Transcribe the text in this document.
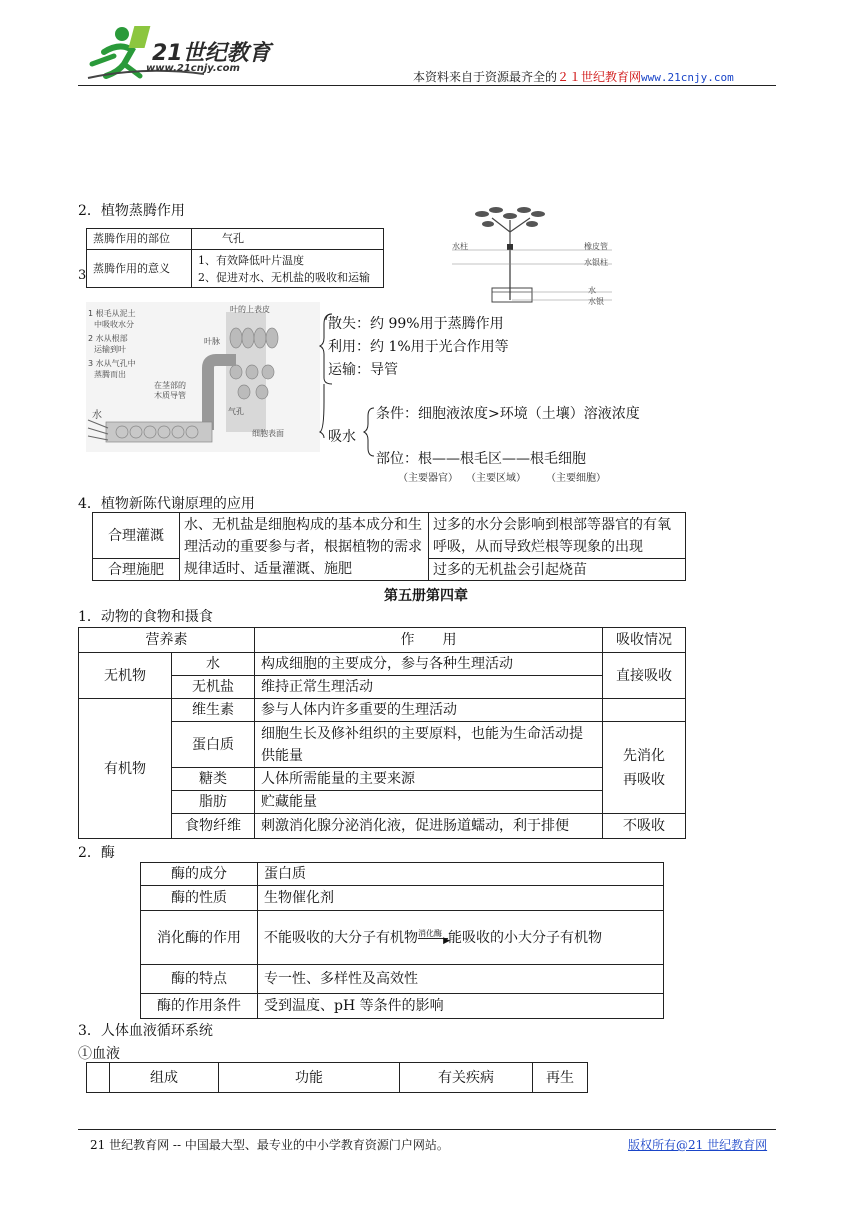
21世纪教育
www.21cnjy.com
本资料来自于资源最齐全的２１世纪教育网www.21cnjy.com
2．植物蒸腾作用
蒸腾作用的部位	气孔
蒸腾作用的意义	1、有效降低叶片温度
2、促进对水、无机盐的吸收和运输
3
1 根毛从泥土
中吸收水分
2 水从根部
运输到叶
3 水从气孔中
蒸腾而出
叶的上表皮
叶脉
在茎部的
木质导管
水	气孔
细胞表面
水柱	橡皮管
水银柱
水
水银
散失：约 99%用于蒸腾作用
利用：约 1%用于光合作用等
运输：导管
吸水
条件：细胞液浓度>环境（土壤）溶液浓度
部位：根——根毛区——根毛细胞
（主要器官） （主要区域） （主要细胞）
4．植物新陈代谢原理的应用
合理灌溉	水、无机盐是细胞构成的基本成分和生理活动的重要参与者，根据植物的需求规律适时、适量灌溉、施肥	过多的水分会影响到根部等器官的有氧呼吸，从而导致烂根等现象的出现
合理施肥		过多的无机盐会引起烧苗
第五册第四章
1．动物的食物和摄食
营养素		作　　用	吸收情况
无机物	水	构成细胞的主要成分，参与各种生理活动	直接吸收
	无机盐	维持正常生理活动	
有机物	维生素	参与人体内许多重要的生理活动	
	蛋白质	细胞生长及修补组织的主要原料，也能为生命活动提供能量	先消化
再吸收

	糖类	人体所需能量的主要来源	
	脂肪	贮藏能量	
	食物纤维	刺激消化腺分泌消化液，促进肠道蠕动，利于排便	不吸收
2．酶
酶的成分	蛋白质
酶的性质	生物催化剂
消化酶的作用	不能吸收的大分子有机物 消化酶
▶
能吸收的小大分子有机物
酶的特点	专一性、多样性及高效性
酶的作用条件	受到温度、pH 等条件的影响
3．人体血液循环系统
①血液
	组成	功能	有关疾病	再生
21 世纪教育网 -- 中国最大型、最专业的中小学教育资源门户网站。	版权所有@21 世纪教育网
